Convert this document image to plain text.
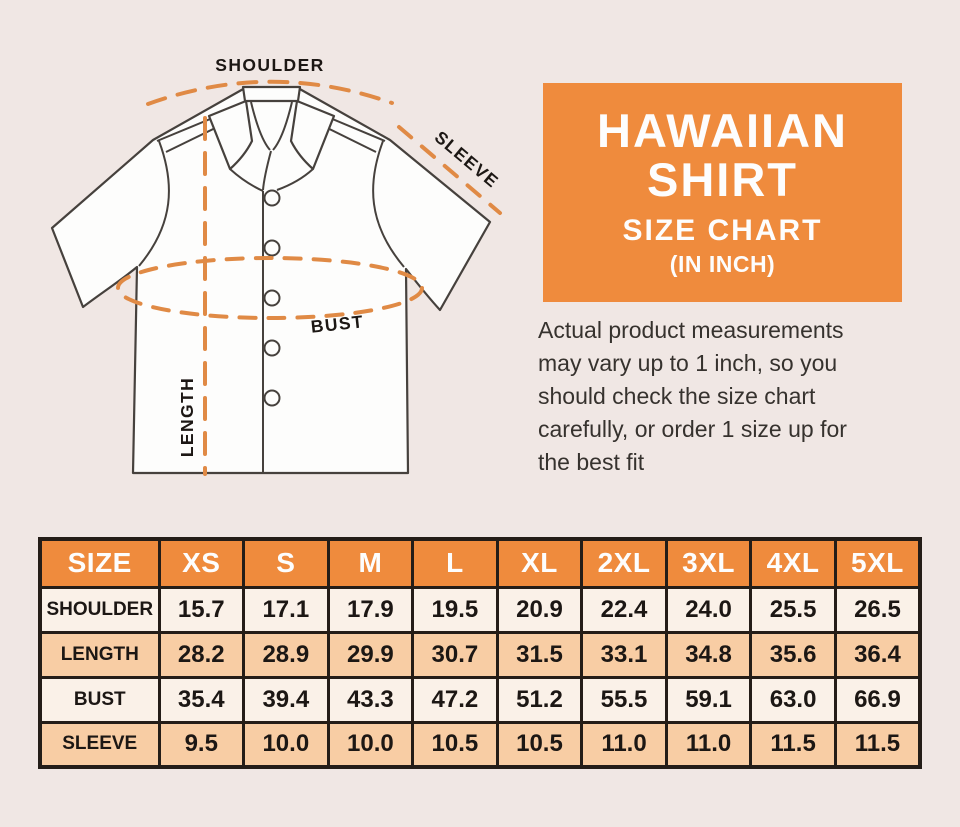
SHOULDER
SLEEVE
BUST
LENGTH
HAWAIIAN
SHIRT
SIZE CHART
(IN INCH)
Actual product measurements
may vary up to 1 inch, so you
should check the size chart
carefully, or order 1 size up for
the best fit
SIZE	XS	S	M	L	XL	2XL	3XL	4XL	5XL
SHOULDER	15.7	17.1	17.9	19.5	20.9	22.4	24.0	25.5	26.5
LENGTH	28.2	28.9	29.9	30.7	31.5	33.1	34.8	35.6	36.4
BUST	35.4	39.4	43.3	47.2	51.2	55.5	59.1	63.0	66.9
SLEEVE	9.5	10.0	10.0	10.5	10.5	11.0	11.0	11.5	11.5
